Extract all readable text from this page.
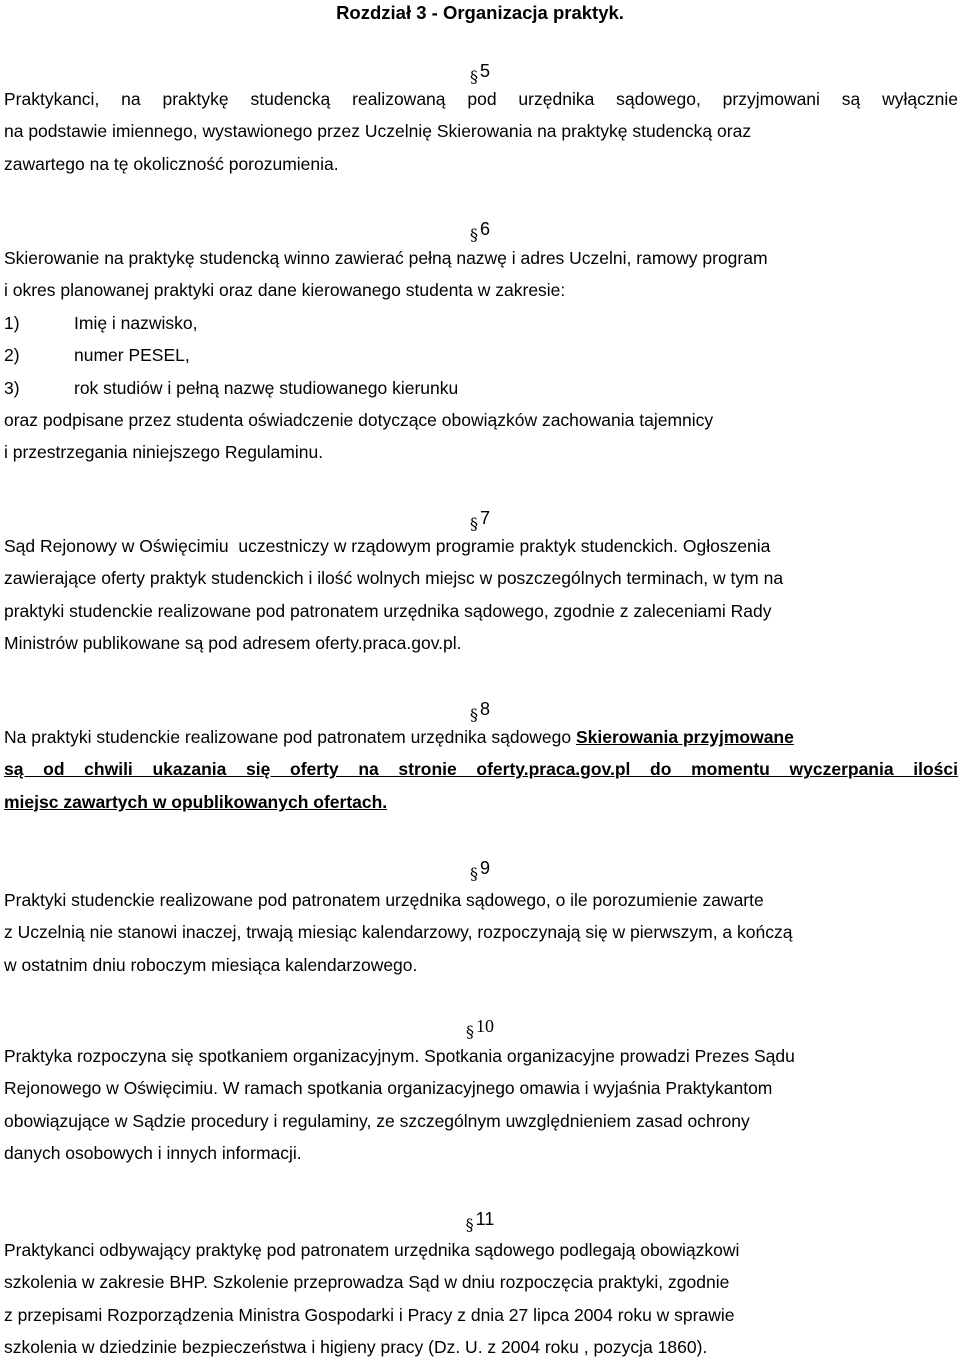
Rozdział 3 - Organizacja praktyk.
§ 5
Praktykanci, na praktykę studencką realizowaną pod urzędnika sądowego, przyjmowani są wyłącznie
na podstawie imiennego, wystawionego przez Uczelnię Skierowania na praktykę studencką oraz
zawartego na tę okoliczność porozumienia.
§ 6
Skierowanie na praktykę studencką winno zawierać pełną nazwę i adres Uczelni, ramowy program
i okres planowanej praktyki oraz dane kierowanego studenta w zakresie:
1)	Imię i nazwisko,
2)	numer PESEL,
3)	rok studiów i pełną nazwę studiowanego kierunku
oraz podpisane przez studenta oświadczenie dotyczące obowiązków zachowania tajemnicy
i przestrzegania niniejszego Regulaminu.
§ 7
Sąd Rejonowy w Oświęcimiu  uczestniczy w rządowym programie praktyk studenckich. Ogłoszenia
zawierające oferty praktyk studenckich i ilość wolnych miejsc w poszczególnych terminach, w tym na
praktyki studenckie realizowane pod patronatem urzędnika sądowego, zgodnie z zaleceniami Rady
Ministrów publikowane są pod adresem oferty.praca.gov.pl.
§ 8
Na praktyki studenckie realizowane pod patronatem urzędnika sądowego Skierowania przyjmowane
są od chwili ukazania się oferty na stronie oferty.praca.gov.pl do momentu wyczerpania ilości
miejsc zawartych w opublikowanych ofertach.
§ 9
Praktyki studenckie realizowane pod patronatem urzędnika sądowego, o ile porozumienie zawarte
z Uczelnią nie stanowi inaczej, trwają miesiąc kalendarzowy, rozpoczynają się w pierwszym, a kończą
w ostatnim dniu roboczym miesiąca kalendarzowego.
§ 10
Praktyka rozpoczyna się spotkaniem organizacyjnym. Spotkania organizacyjne prowadzi Prezes Sądu
Rejonowego w Oświęcimiu. W ramach spotkania organizacyjnego omawia i wyjaśnia Praktykantom
obowiązujące w Sądzie procedury i regulaminy, ze szczególnym uwzględnieniem zasad ochrony
danych osobowych i innych informacji.
§ 11
Praktykanci odbywający praktykę pod patronatem urzędnika sądowego podlegają obowiązkowi
szkolenia w zakresie BHP. Szkolenie przeprowadza Sąd w dniu rozpoczęcia praktyki, zgodnie
z przepisami Rozporządzenia Ministra Gospodarki i Pracy z dnia 27 lipca 2004 roku w sprawie
szkolenia w dziedzinie bezpieczeństwa i higieny pracy (Dz. U. z 2004 roku , pozycja 1860).
